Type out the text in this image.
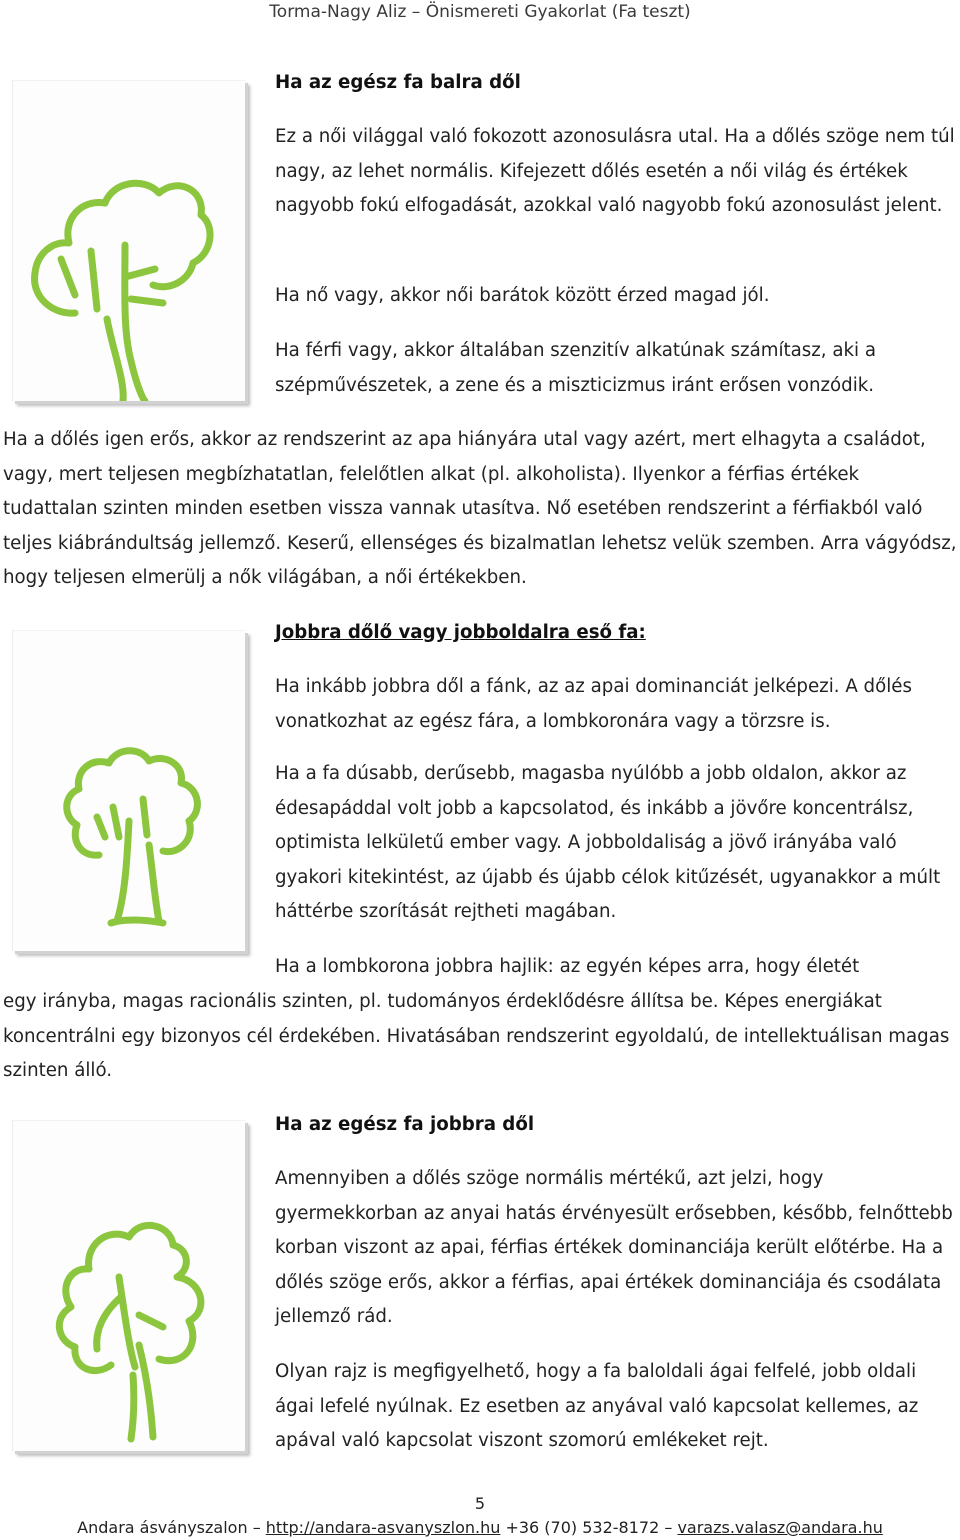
Torma-Nagy Aliz – Önismereti Gyakorlat (Fa teszt)

Ha az egész fa balra dől

Ez a női világgal való fokozott azonosulásra utal. Ha a dőlés szöge nem túl nagy, az lehet normális. Kifejezett dőlés esetén a női világ és értékek nagyobb fokú elfogadását, azokkal való nagyobb fokú azonosulást jelent.

Ha nő vagy, akkor női barátok között érzed magad jól.

Ha férfi vagy, akkor általában szenzitív alkatúnak számítasz, aki a szépművészetek, a zene és a miszticizmus iránt erősen vonzódik.

Ha a dőlés igen erős, akkor az rendszerint az apa hiányára utal vagy azért, mert elhagyta a családot, vagy, mert teljesen megbízhatatlan, felelőtlen alkat (pl. alkoholista). Ilyenkor a férfias értékek tudattalan szinten minden esetben vissza vannak utasítva. Nő esetében rendszerint a férfiakból való teljes kiábrándultság jellemző. Keserű, ellenséges és bizalmatlan lehetsz velük szemben. Arra vágyódsz, hogy teljesen elmerülj a nők világában, a női értékekben.

Jobbra dőlő vagy jobboldalra eső fa:

Ha inkább jobbra dől a fánk, az az apai dominanciát jelképezi. A dőlés vonatkozhat az egész fára, a lombkoronára vagy a törzsre is.

Ha a fa dúsabb, derűsebb, magasba nyúlóbb a jobb oldalon, akkor az édesapáddal volt jobb a kapcsolatod, és inkább a jövőre koncentrálsz, optimista lelkületű ember vagy. A jobboldaliság a jövő irányába való gyakori kitekintést, az újabb és újabb célok kitűzését, ugyanakkor a múlt háttérbe szorítását rejtheti magában.

Ha a lombkorona jobbra hajlik: az egyén képes arra, hogy életét

egy irányba, magas racionális szinten, pl. tudományos érdeklődésre állítsa be. Képes energiákat koncentrálni egy bizonyos cél érdekében. Hivatásában rendszerint egyoldalú, de intellektuálisan magas szinten álló.

Ha az egész fa jobbra dől

Amennyiben a dőlés szöge normális mértékű, azt jelzi, hogy gyermekkorban az anyai hatás érvényesült erősebben, később, felnőttebb korban viszont az apai, férfias értékek dominanciája került előtérbe. Ha a dőlés szöge erős, akkor a férfias, apai értékek dominanciája és csodálata jellemző rád.

Olyan rajz is megfigyelhető, hogy a fa baloldali ágai felfelé, jobb oldali ágai lefelé nyúlnak. Ez esetben az anyával való kapcsolat kellemes, az apával való kapcsolat viszont szomorú emlékeket rejt.

5
Andara ásványszalon – http://andara-asvanyszlon.hu +36 (70) 532-8172 – varazs.valasz@andara.hu
